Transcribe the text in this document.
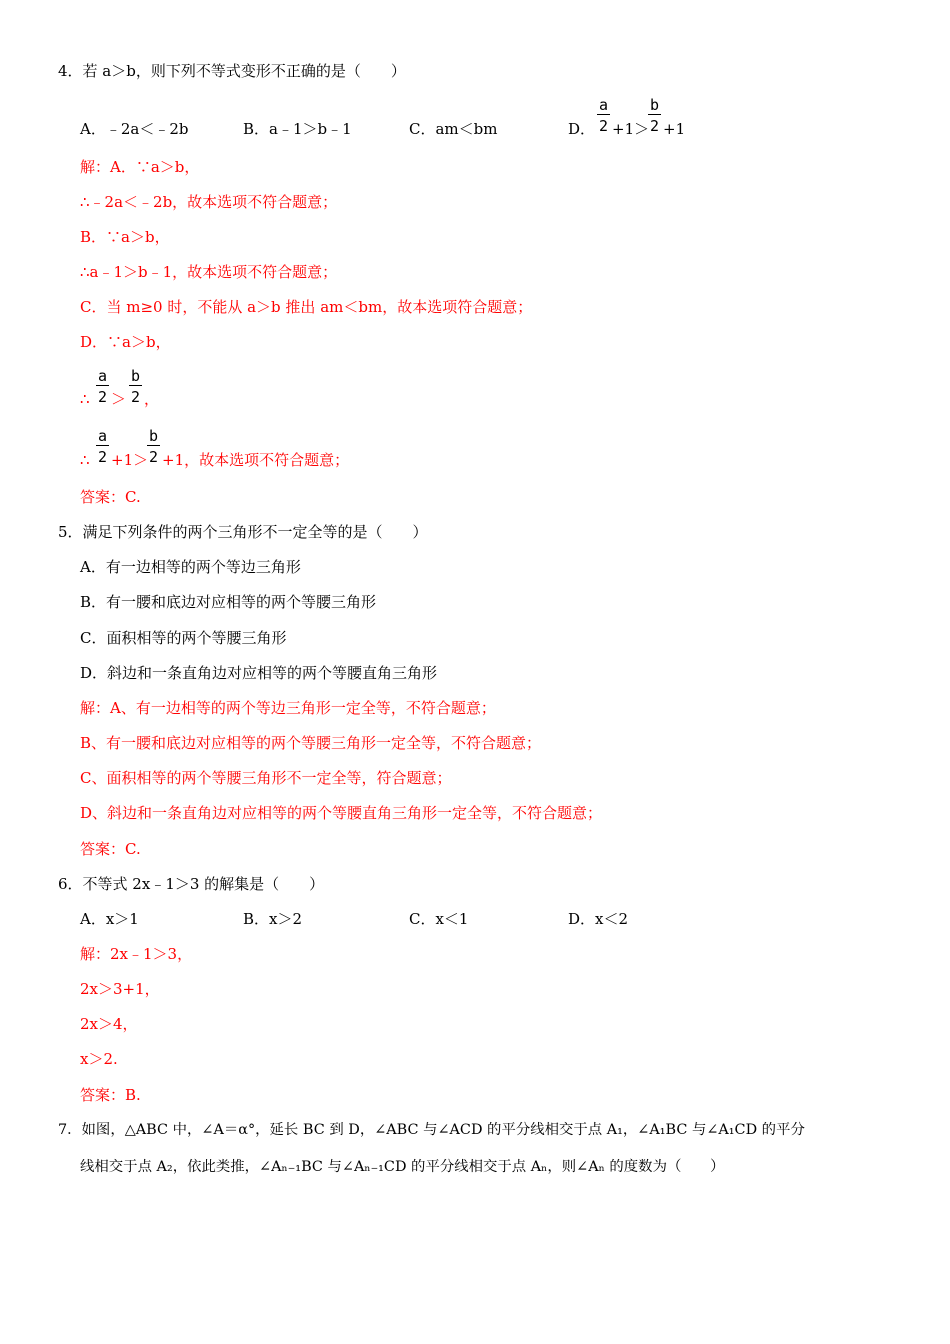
4．若 a＞b，则下列不等式变形不正确的是（　　）
A．﹣2a＜﹣2b	B．a﹣1＞b﹣1	C．am＜bm	D．
a
2 +1＞
b
2 +1
解：A．∵a＞b，
∴﹣2a＜﹣2b，故本选项不符合题意；
B．∵a＞b，
∴a﹣1＞b﹣1，故本选项不符合题意；
C．当 m≥0 时，不能从 a＞b 推出 am＜bm，故本选项符合题意；
D．∵a＞b，
∴
a
2 ＞
b
2 ，
∴
a
2 +1＞
b
2 +1，故本选项不符合题意；
答案：C.
5．满足下列条件的两个三角形不一定全等的是（　　）
A．有一边相等的两个等边三角形
B．有一腰和底边对应相等的两个等腰三角形
C．面积相等的两个等腰三角形
D．斜边和一条直角边对应相等的两个等腰直角三角形
解：A、有一边相等的两个等边三角形一定全等，不符合题意；
B、有一腰和底边对应相等的两个等腰三角形一定全等，不符合题意；
C、面积相等的两个等腰三角形不一定全等，符合题意；
D、斜边和一条直角边对应相等的两个等腰直角三角形一定全等，不符合题意；
答案：C.
6．不等式 2x﹣1＞3 的解集是（　　）
A．x＞1	B．x＞2	C．x＜1	D．x＜2
解：2x﹣1＞3，
2x＞3+1，
2x＞4，
x＞2.
答案：B.
7．如图，△ABC 中，∠A＝α°，延长 BC 到 D，∠ABC 与∠ACD 的平分线相交于点 A₁，∠A₁BC 与∠A₁CD 的平分
线相交于点 A₂，依此类推，∠Aₙ₋₁BC 与∠Aₙ₋₁CD 的平分线相交于点 Aₙ，则∠Aₙ 的度数为（　　）
